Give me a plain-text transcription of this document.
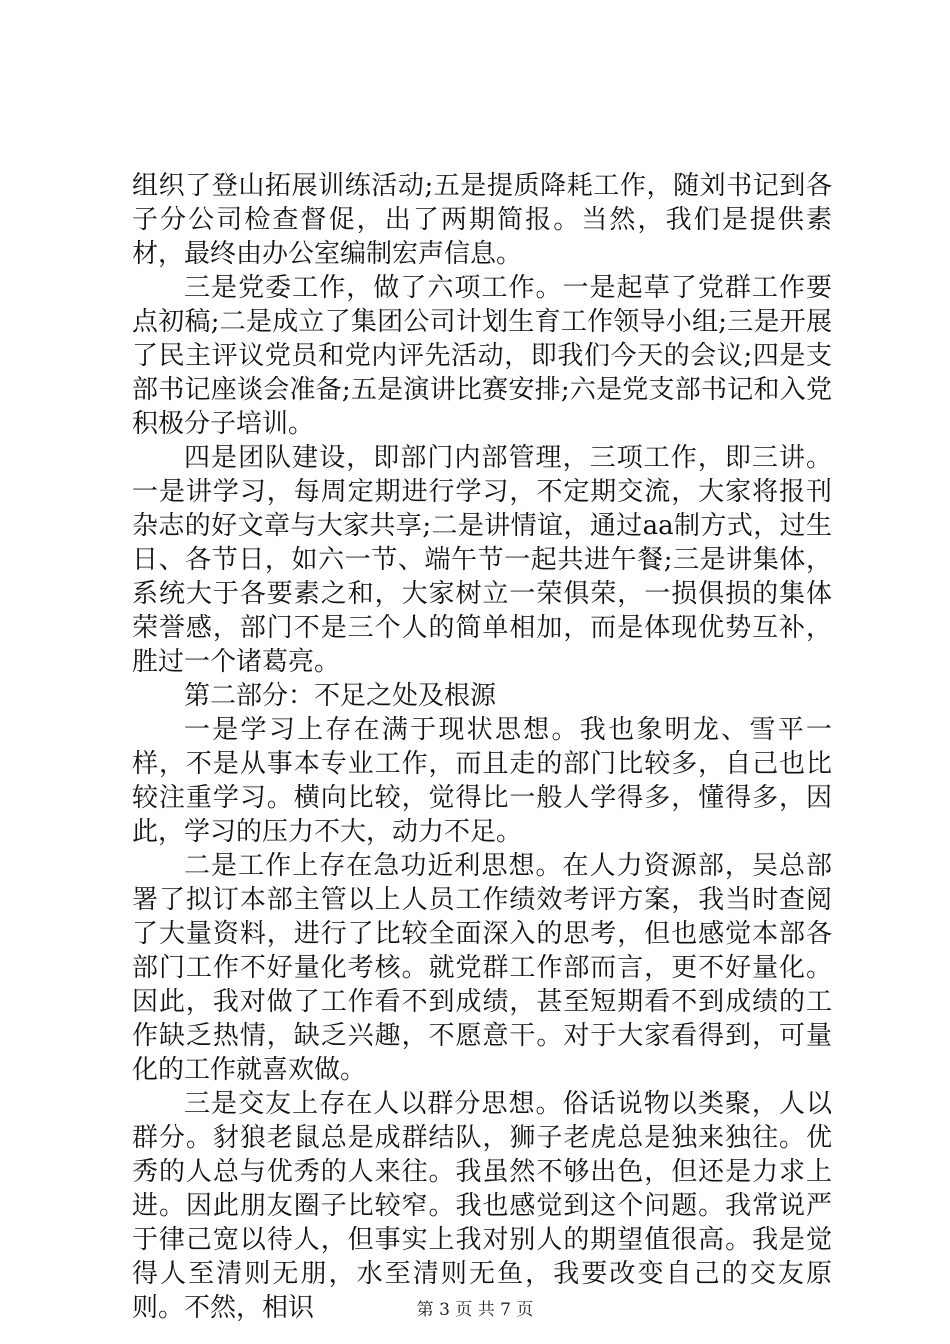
组织了登山拓展训练活动;五是提质降耗工作，随刘书记到各子分公司检查督促，出了两期简报。当然，我们是提供素材，最终由办公室编制宏声信息。

三是党委工作，做了六项工作。一是起草了党群工作要点初稿;二是成立了集团公司计划生育工作领导小组;三是开展了民主评议党员和党内评先活动，即我们今天的会议;四是支部书记座谈会准备;五是演讲比赛安排;六是党支部书记和入党积极分子培训。

四是团队建设，即部门内部管理，三项工作，即三讲。一是讲学习，每周定期进行学习，不定期交流，大家将报刊杂志的好文章与大家共享;二是讲情谊，通过aa制方式，过生日、各节日，如六一节、端午节一起共进午餐;三是讲集体，系统大于各要素之和，大家树立一荣俱荣，一损俱损的集体荣誉感，部门不是三个人的简单相加，而是体现优势互补，胜过一个诸葛亮。

第二部分：不足之处及根源

一是学习上存在满于现状思想。我也象明龙、雪平一样，不是从事本专业工作，而且走的部门比较多，自己也比较注重学习。横向比较，觉得比一般人学得多，懂得多，因此，学习的压力不大，动力不足。

二是工作上存在急功近利思想。在人力资源部，吴总部署了拟订本部主管以上人员工作绩效考评方案，我当时查阅了大量资料，进行了比较全面深入的思考，但也感觉本部各部门工作不好量化考核。就党群工作部而言，更不好量化。因此，我对做了工作看不到成绩，甚至短期看不到成绩的工作缺乏热情，缺乏兴趣，不愿意干。对于大家看得到，可量化的工作就喜欢做。

三是交友上存在人以群分思想。俗话说物以类聚，人以群分。豺狼老鼠总是成群结队，狮子老虎总是独来独往。优秀的人总与优秀的人来往。我虽然不够出色，但还是力求上进。因此朋友圈子比较窄。我也感觉到这个问题。我常说严于律己宽以待人，但事实上我对别人的期望值很高。我是觉得人至清则无朋，水至清则无鱼，我要改变自己的交友原则。不然，相识	第 3 页 共 7 页
